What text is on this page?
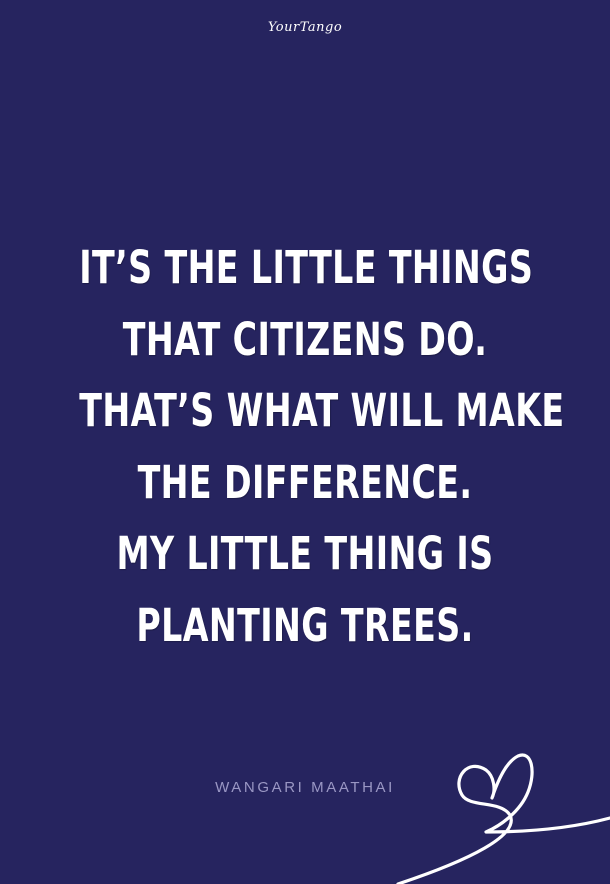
YourTango
IT’S THE LITTLE THINGS
THAT CITIZENS DO.
THAT’S WHAT WILL MAKE
THE DIFFERENCE.
MY LITTLE THING IS
PLANTING TREES.
WANGARI MAATHAI
